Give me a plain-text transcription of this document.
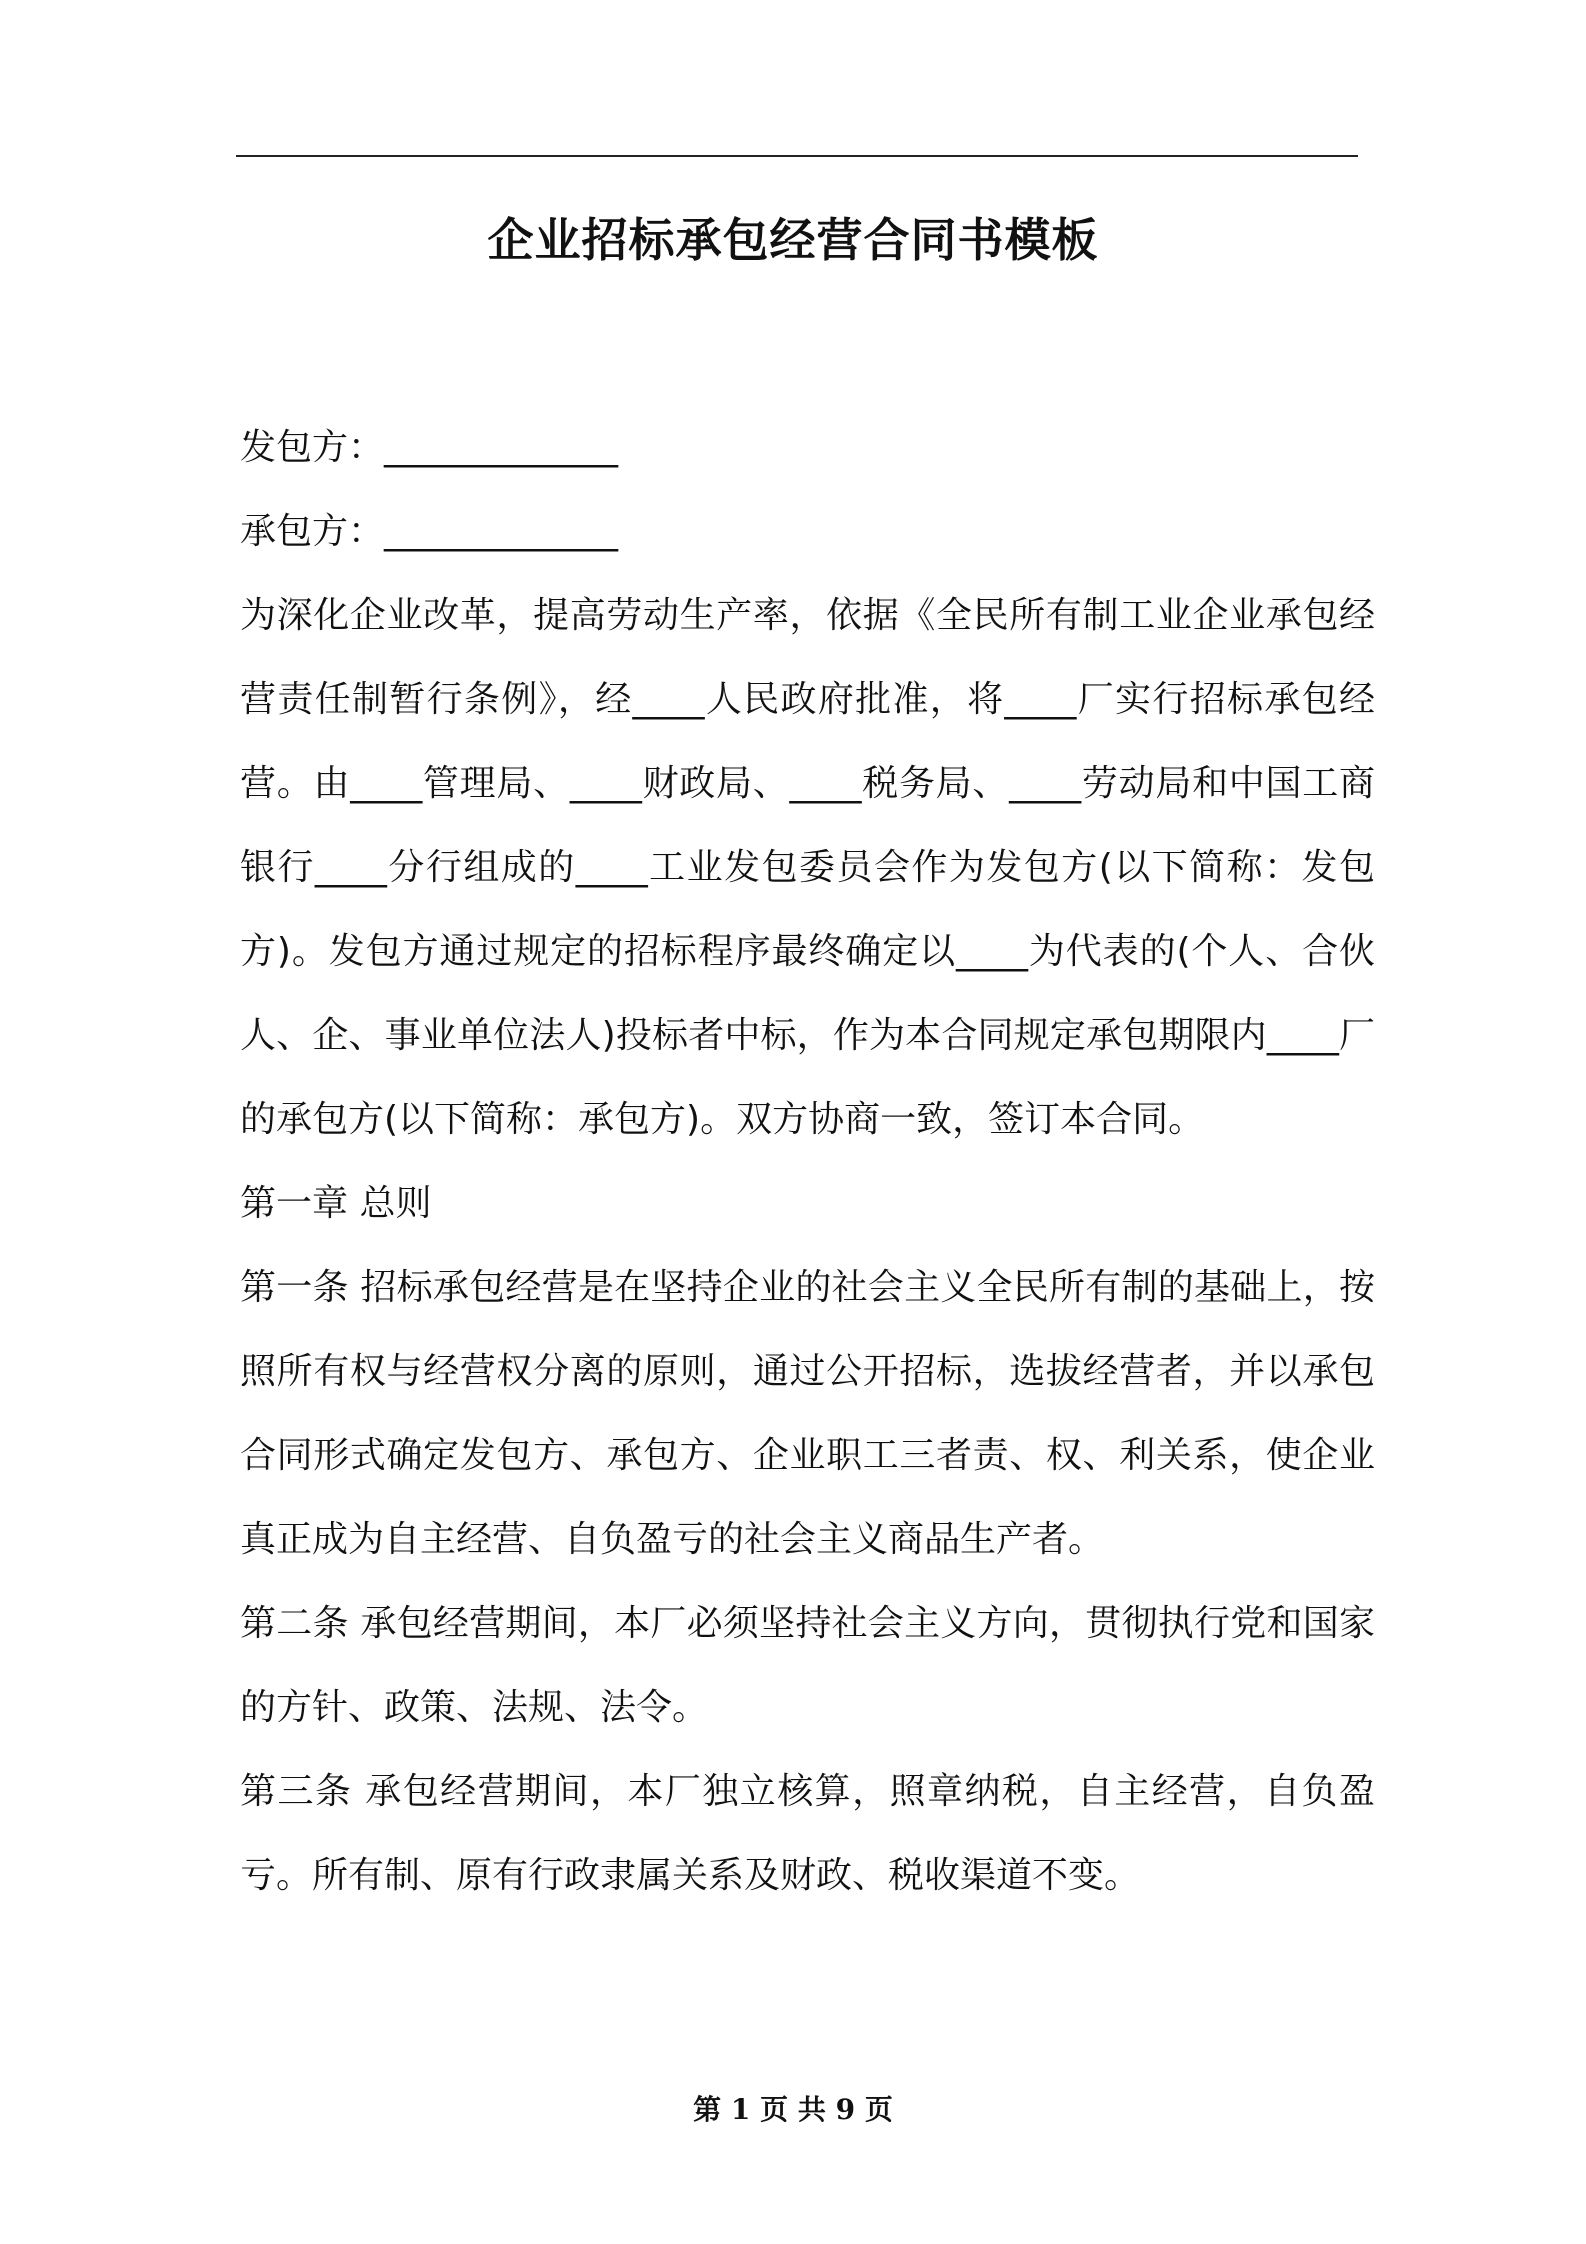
企业招标承包经营合同书模板

发包方：_____________

承包方：_____________

为深化企业改革，提高劳动生产率，依据《全民所有制工业企业承包经营责任制暂行条例》，经____人民政府批准，将____厂实行招标承包经营。由____管理局、____财政局、____税务局、____劳动局和中国工商银行____分行组成的____工业发包委员会作为发包方(以下简称：发包方)。发包方通过规定的招标程序最终确定以____为代表的(个人、合伙人、企、事业单位法人)投标者中标，作为本合同规定承包期限内____厂的承包方(以下简称：承包方)。双方协商一致，签订本合同。

第一章 总则

第一条 招标承包经营是在坚持企业的社会主义全民所有制的基础上，按照所有权与经营权分离的原则，通过公开招标，选拔经营者，并以承包合同形式确定发包方、承包方、企业职工三者责、权、利关系，使企业真正成为自主经营、自负盈亏的社会主义商品生产者。

第二条 承包经营期间，本厂必须坚持社会主义方向，贯彻执行党和国家的方针、政策、法规、法令。

第三条 承包经营期间，本厂独立核算，照章纳税，自主经营，自负盈亏。所有制、原有行政隶属关系及财政、税收渠道不变。

第 1 页 共 9 页
